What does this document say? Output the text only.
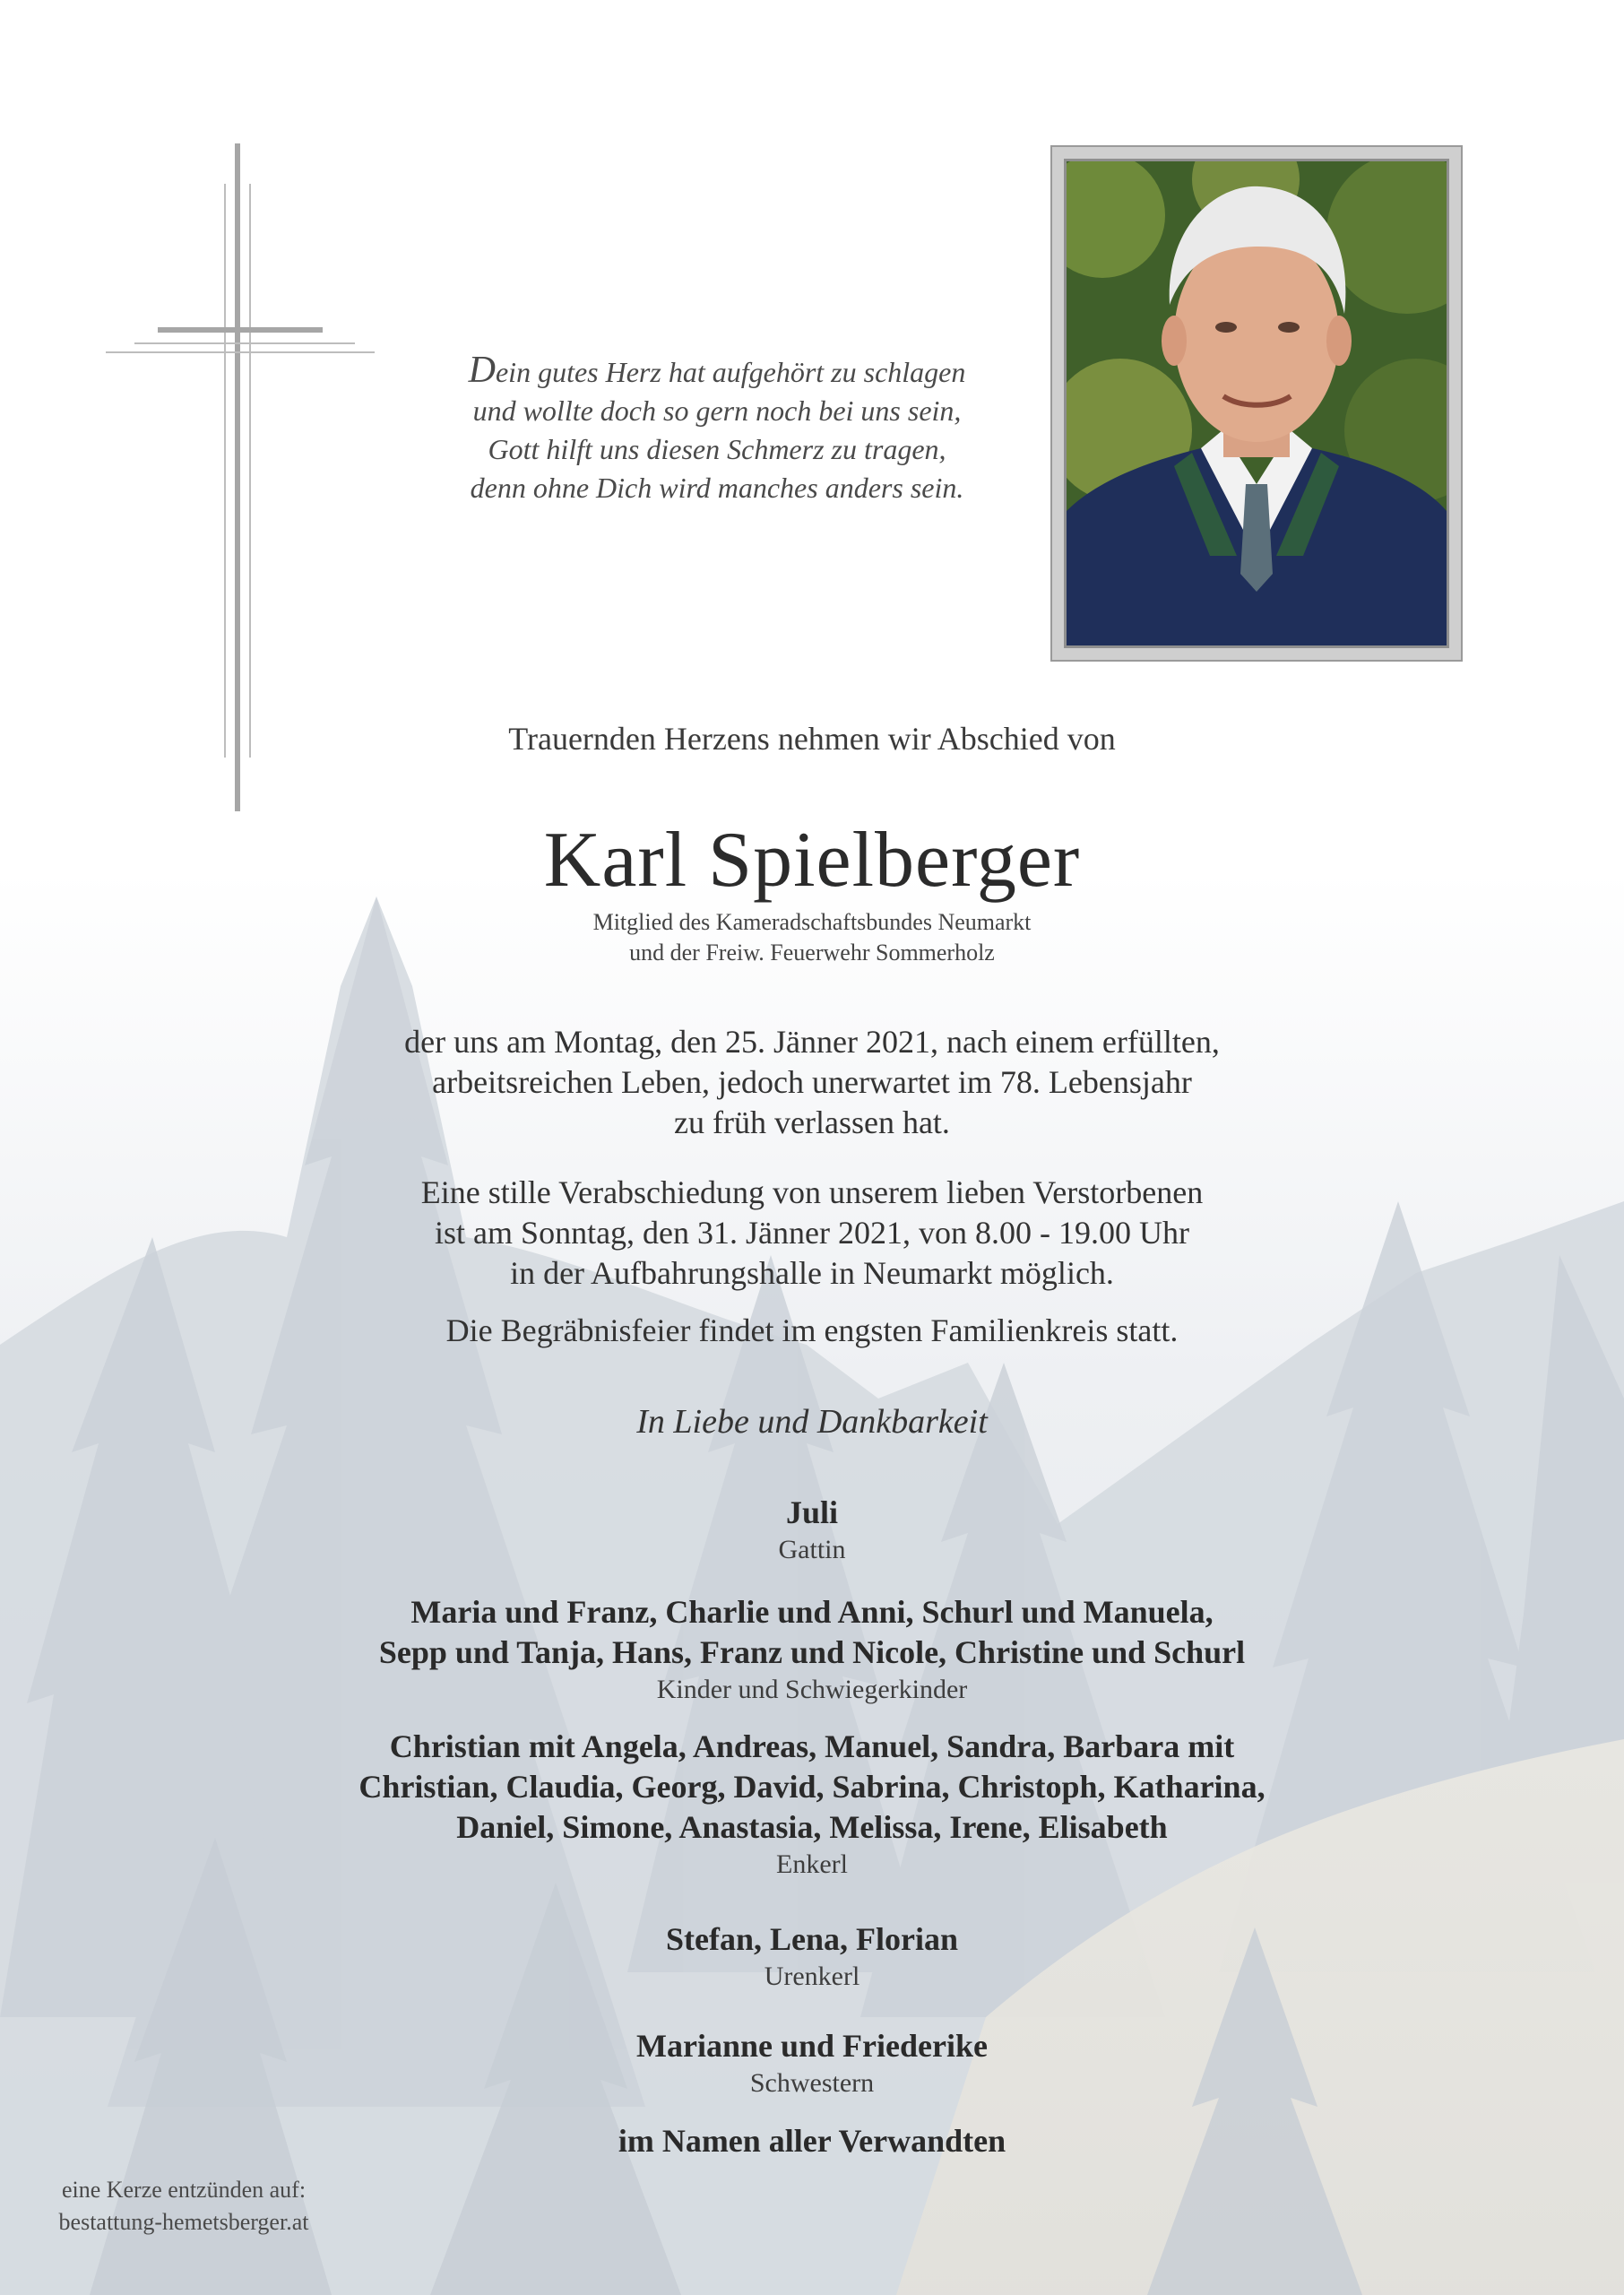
Dein gutes Herz hat aufgehört zu schlagen
und wollte doch so gern noch bei uns sein,
Gott hilft uns diesen Schmerz zu tragen,
denn ohne Dich wird manches anders sein.
Trauernden Herzens nehmen wir Abschied von
Karl Spielberger
Mitglied des Kameradschaftsbundes Neumarkt
und der Freiw. Feuerwehr Sommerholz
der uns am Montag, den 25. Jänner 2021, nach einem erfüllten,
arbeitsreichen Leben, jedoch unerwartet im 78. Lebensjahr
zu früh verlassen hat.
Eine stille Verabschiedung von unserem lieben Verstorbenen
ist am Sonntag, den 31. Jänner 2021, von 8.00 - 19.00 Uhr
in der Aufbahrungshalle in Neumarkt möglich.
Die Begräbnisfeier findet im engsten Familienkreis statt.
In Liebe und Dankbarkeit
Juli
Gattin
Maria und Franz, Charlie und Anni, Schurl und Manuela,
Sepp und Tanja, Hans, Franz und Nicole, Christine und Schurl
Kinder und Schwiegerkinder
Christian mit Angela, Andreas, Manuel, Sandra, Barbara mit
Christian, Claudia, Georg, David, Sabrina, Christoph, Katharina,
Daniel, Simone, Anastasia, Melissa, Irene, Elisabeth
Enkerl
Stefan, Lena, Florian
Urenkerl
Marianne und Friederike
Schwestern
im Namen aller Verwandten
eine Kerze entzünden auf:
bestattung-hemetsberger.at
